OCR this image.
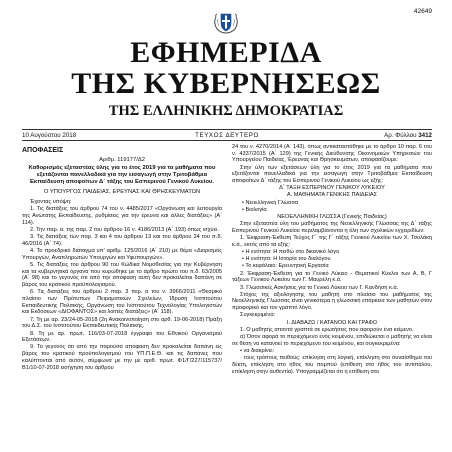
42649
ΕΦΗΜΕΡΙΔΑ
ΤΗΣ ΚΥΒΕΡΝΗΣΕΩΣ
ΤΗΣ ΕΛΛΗΝΙΚΗΣ ΔΗΜΟΚΡΑΤΙΑΣ
10 Αυγούστου 2018	ΤΕΥΧΟΣ ΔΕΥΤΕΡΟ	Αρ. Φύλλου 3412
ΑΠΟΦΑΣΕΙΣ
Αριθμ. 119177/Δ2
Καθορισμός εξεταστέας ύλης για το έτος 2019 για τα μαθήματα που εξετάζονται πανελλαδικά για την εισαγωγή στην Τριτοβάθμια Εκπαίδευση αποφοίτων Δ΄ τάξης του Εσπερινού Γενικού Λυκείου.
Ο ΥΠΟΥΡΓΟΣ ΠΑΙΔΕΙΑΣ, ΕΡΕΥΝΑΣ ΚΑΙ ΘΡΗΣΚΕΥΜΑΤΩΝ

Έχοντας υπόψη:

1. Τις διατάξεις του άρθρου 74 του ν. 4485/2017 «Οργάνωση και λειτουργία της Ανώτατης Εκπαίδευσης, ρυθμίσεις για την έρευνα και άλλες διατάξεις» (Α΄ 114).

2. Την παρ. α. της παρ. 2 του άρθρου 16 ν. 4186/2013 (Α΄ 193) όπως ισχύει.

3. Τις διατάξεις των παρ. 3 και 4 του άρθρου 13 και του άρθρου 24 του π.δ. 46/2016 (Α΄ 74).

4. Το προεδρικό διάταγμα υπ' αριθμ. 125/2016 (Α΄ 210) με θέμα «Διορισμός Υπουργών, Αναπληρωτών Υπουργών και Υφυπουργών».

5. Τις διατάξεις του άρθρου 90 του Κώδικα Νομοθεσίας για την Κυβέρνηση και τα κυβερνητικά όργανα που κυρώθηκε με το άρθρο πρώτο του π.δ. 63/2005 (Α΄ 98) και το γεγονός ότι από την απόφαση αυτή δεν προκαλείται δαπάνη σε βάρος του κρατικού προϋπολογισμού.

6. Τις διατάξεις του άρθρου 2 παρ. 3 περ. α του ν. 3966/2011 «Θεσμικό πλαίσιο των Πρότυπων Πειραματικών Σχολείων, Ίδρυση Ινστιτούτου Εκπαιδευτικής Πολιτικής, Οργάνωση του Ινστιτούτου Τεχνολογίας Υπολογιστών και Εκδόσεων «ΔΙΟΦΑΝΤΟΣ» και λοιπές διατάξεις» (Α΄ 118).

7. Τη με αρ. 23/24-05-2018 (2η Ανακοινοποίηση στο αρθ. 19-06-2018) Πράξη του Δ.Σ. του Ινστιτούτου Εκπαιδευτικής Πολιτικής.

8. Τη με αρ. πρωτ. 116/03-07-2018 έγγραφο του Εθνικού Οργανισμού Εξετάσεων.

9. Το γεγονός ότι από την παρούσα απόφαση δεν προκαλείται δαπάνη εις βάρος του κρατικού προϋπολογισμού του ΥΠ.Π.Ε.Θ. και τις δαπάνες που καλύπτονται από αυτόν, σύμφωνα με την με αριθ. πρωτ. Φ1/Γ/227/115737/Β1/10-07-2018 εισήγηση του άρθρου

24 του ν. 4270/2014 (Α΄ 143), όπως αντικαταστάθηκε με το άρθρο 10 παρ. 6 του ν. 4337/2015 (Α΄ 129) της Γενικής Διεύθυνσης Οικονομικών Υπηρεσιών του Υπουργείου Παιδείας, Έρευνας και Θρησκευμάτων, αποφασίζουμε:

Στην ύλη των εξετάσεων ύλη για το έτος 2019 για τα μαθήματα που εξετάζονται πανελλαδικά για την εισαγωγή στην Τριτοβάθμια Εκπαίδευση αποφοίτων Δ΄ τάξης του Εσπερινού Γενικού Λυκείου ως εξής:

Δ΄ ΤΑΞΗ ΕΣΠΕΡΙΝΟΥ ΓΕΝΙΚΟΥ ΛΥΚΕΙΟΥ

Α. ΜΑΘΗΜΑΤΑ ΓΕΝΙΚΗΣ ΠΑΙΔΕΙΑΣ

• Νεοελληνική Γλώσσα

• Βιολογία

ΝΕΟΕΛΛΗΝΙΚΗ ΓΛΩΣΣΑ (Γενικής Παιδείας)

Στην εξεταστέα ύλη του μαθήματος της Νεοελληνικής Γλώσσας της Δ΄ τάξης Εσπερινού Γενικού Λυκείου περιλαμβάνονται η όλη των σχολικών εγχειριδίων:

1. Έκφραση-Έκθεση Τεύχος Γ΄ της Γ΄ τάξης Γενικού Λυκείου των Χ. Τσολάκη κ.ά., εκτός από τα εξής:

• Η ενότητα: Η πειθώ στο δικανικό λόγο

• Η ενότητα: Η Ιστορία του διαλόγου

• Το κεφάλαιο: Ερευνητική Εργασία

2. Έκφραση-Έκθεση για το Γενικό Λύκειο - Θεματικοί Κύκλοι των Α, Β, Γ τάξεων Γενικού Λυκείου των Γ. Μαυρέλη κ.ά.

3. Γλωσσικές Ασκήσεις για το Γενικό Λύκειο των Γ. Κανδήση κ.ά.

Στόχος της αξιολόγησης του μαθητή στο πλαίσιο του μαθήματος της Νεοελληνικής Γλώσσας είναι γενικότερα η γλωσσική επάρκεια των μαθητών στον προφορικό και τον γραπτό λόγο.

Συγκεκριμένα:

Ι. ΔΙΑΒΑΖΩ / ΚΑΤΑΝΟΩ ΚΑΙ ΓΡΑΦΩ

1. Ο μαθητής απαντά γραπτά σε ερωτήσεις που αφορούν ένα κείμενο.

α) Όσον αφορά το περιεχόμενο ενός κειμένου, επιδιώκεται ο μαθητής να είναι σε θέση να κατανοεί το περιεχόμενο του κειμένου, και συγκεκριμένα:

• να διακρίνει:

· τους τρόπους πειθούς: επίκληση στη λογική, επίκληση στο συναίσθημα του δέκτη, επίκληση στο ήθος του πομπού (επίθεση στο ήθος του αντιπάλου, επίκληση στην αυθεντία). Υπογραμμίζεται ότι η επίθεση στο
